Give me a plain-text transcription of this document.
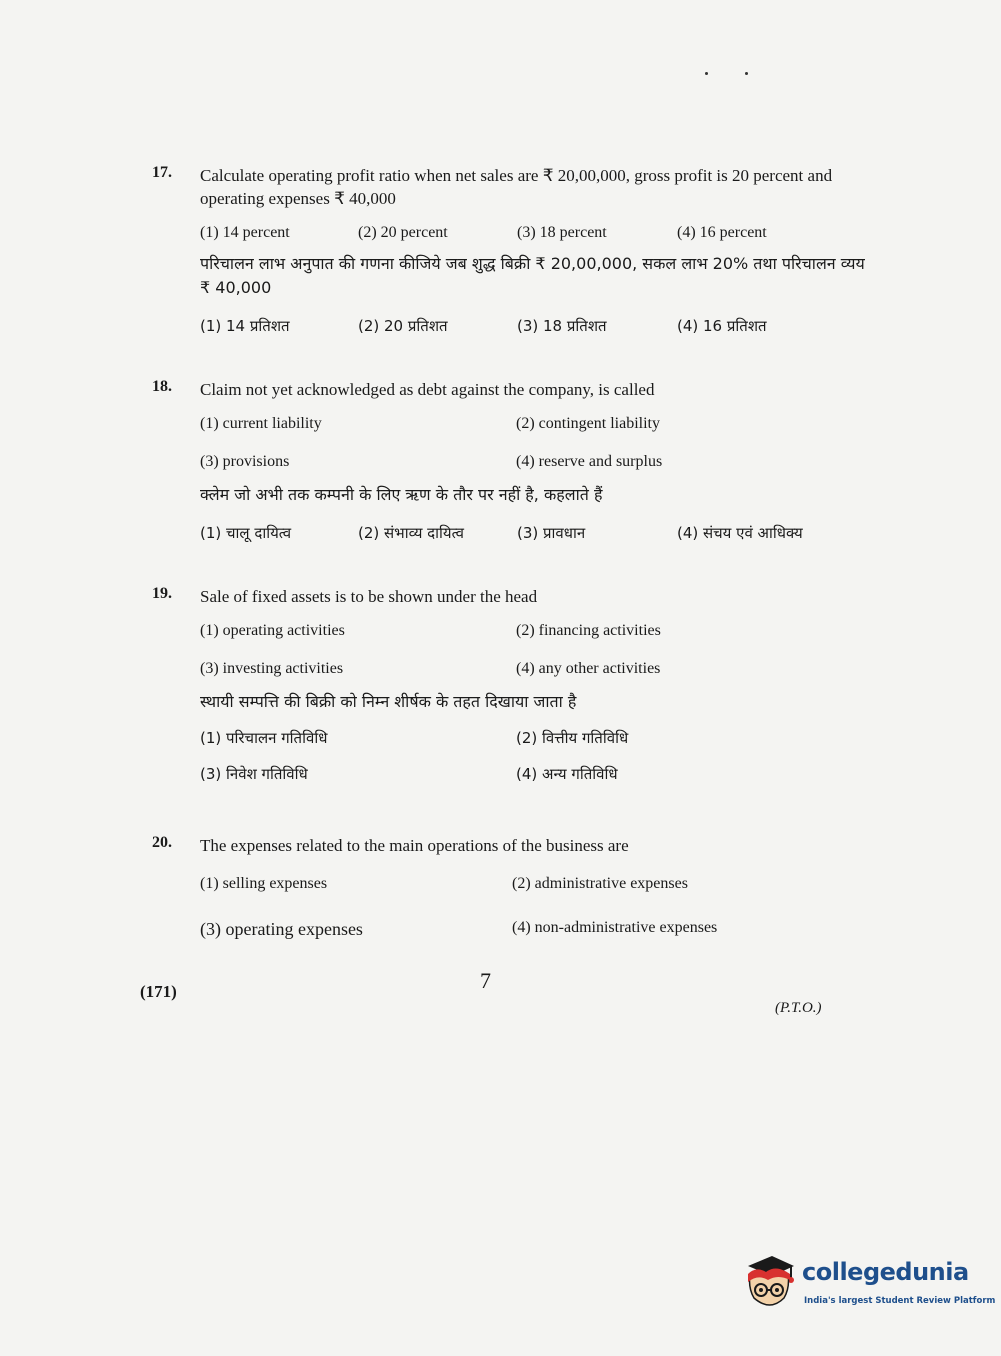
17. Calculate operating profit ratio when net sales are ₹ 20,00,000, gross profit is 20 percent and operating expenses ₹ 40,000
(1) 14 percent	(2) 20 percent	(3) 18 percent	(4) 16 percent
परिचालन लाभ अनुपात की गणना कीजिये जब शुद्ध बिक्री ₹ 20,00,000, सकल लाभ 20% तथा परिचालन व्यय ₹ 40,000
(1) 14 प्रतिशत	(2) 20 प्रतिशत	(3) 18 प्रतिशत	(4) 16 प्रतिशत
18. Claim not yet acknowledged as debt against the company, is called
(1) current liability	(2) contingent liability
(3) provisions	(4) reserve and surplus
क्लेम जो अभी तक कम्पनी के लिए ऋण के तौर पर नहीं है, कहलाते हैं
(1) चालू दायित्व	(2) संभाव्य दायित्व	(3) प्रावधान	(4) संचय एवं आधिक्य
19. Sale of fixed assets is to be shown under the head
(1) operating activities	(2) financing activities
(3) investing activities	(4) any other activities
स्थायी सम्पत्ति की बिक्री को निम्न शीर्षक के तहत दिखाया जाता है
(1) परिचालन गतिविधि	(2) वित्तीय गतिविधि
(3) निवेश गतिविधि	(4) अन्य गतिविधि
20. The expenses related to the main operations of the business are
(1) selling expenses	(2) administrative expenses
(3) operating expenses	(4) non-administrative expenses
(171)	7
(P.T.O.)
collegedunia
India's largest Student Review Platform
